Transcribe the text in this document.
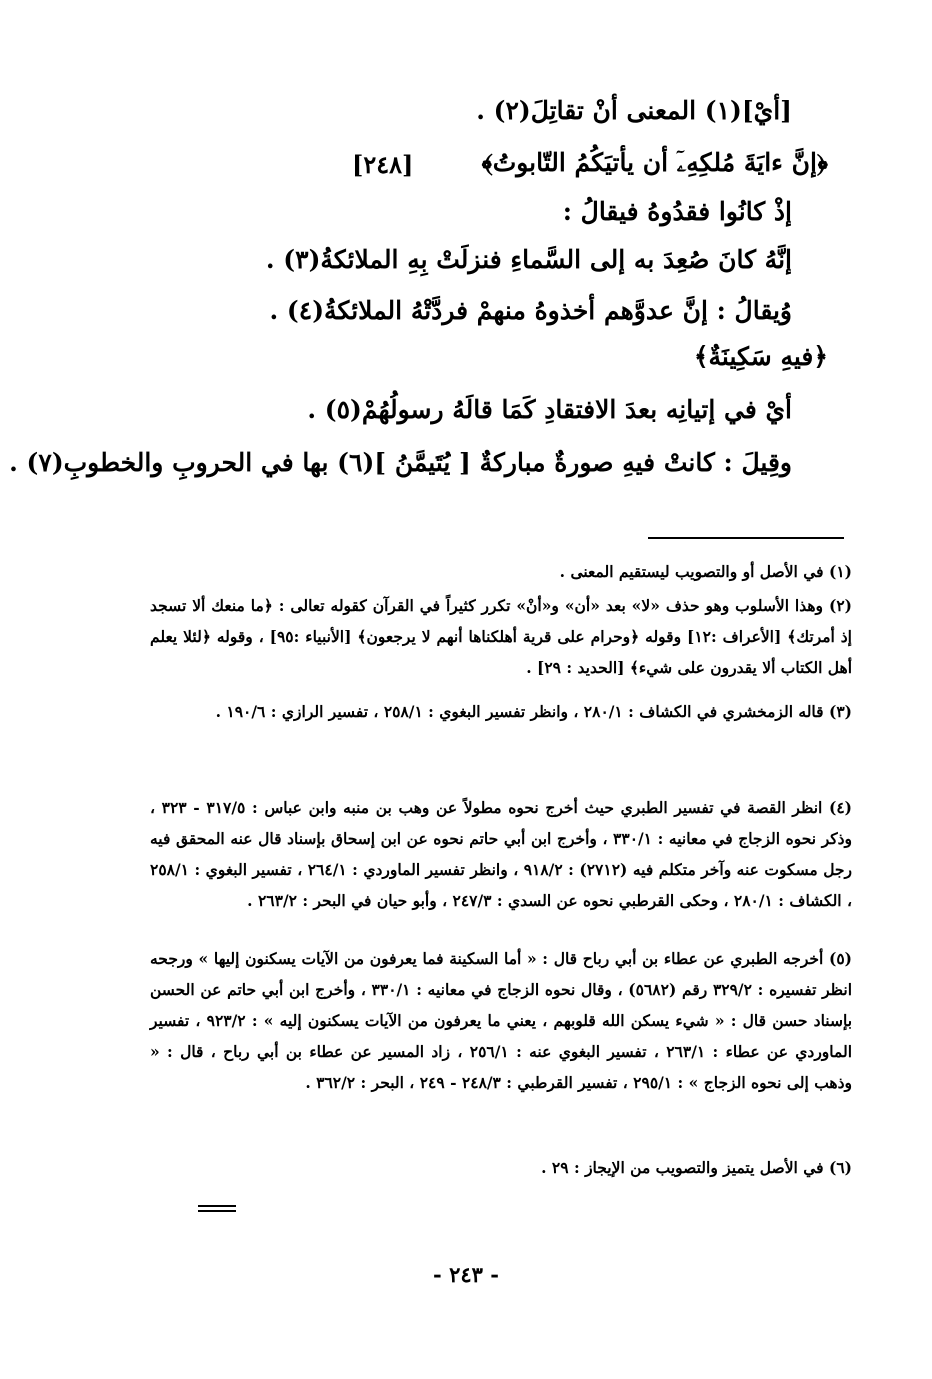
[أيْ](١) المعنى أنْ تقاتِلَ(٢) .
﴿إنَّ ءايَةَ مُلكِهِۦٓ أن يأتيَكُمُ التّابوتُ﴾
[٢٤٨]
إذْ كانُوا فقدُوهُ فيقالُ :
إنَّهُ كانَ صُعِدَ به إلى السَّماءِ فنزلَتْ بِهِ الملائكةُ(٣) .
وُيقالُ : إنَّ عدوَّهم أخذوهُ منهمْ فردَّتْهُ الملائكةُ(٤) .
﴿فيهِ سَكِينَةٌ﴾
أيْ في إتيانِه بعدَ الافتقادِ كَمَا قالَهُ رسولُهُمْ(٥) .
وقِيلَ : كانتْ فيهِ صورةٌ مباركةٌ [ يُتَيمَّنُ ](٦) بها في الحروبِ والخطوبِ(٧) .
(١) في الأصل أو والتصويب ليستقيم المعنى .
(٢) وهذا الأسلوب وهو حذف «لا» بعد «أن» و«أنْ» تكرر كثيراً في القرآن كقوله تعالى : ﴿ما منعك ألا تسجد إذ أمرتك﴾ [الأعراف :١٢] وقوله ﴿وحرام على قرية أهلكناها أنهم لا يرجعون﴾ [الأنبياء :٩٥] ، وقوله ﴿لئلا يعلم أهل الكتاب ألا يقدرون على شيء﴾ [الحديد : ٢٩] .
(٣) قاله الزمخشري في الكشاف : ٢٨٠/١ ، وانظر تفسير البغوي : ٢٥٨/١ ، تفسير الرازي : ١٩٠/٦ .
(٤) انظر القصة في تفسير الطبري حيث أخرج نحوه مطولاً عن وهب بن منبه وابن عباس : ٣١٧/٥ - ٣٢٣ ، وذكر نحوه الزجاج في معانيه : ٣٣٠/١ ، وأخرج ابن أبي حاتم نحوه عن ابن إسحاق بإسناد قال عنه المحقق فيه رجل مسكوت عنه وآخر متكلم فيه (٢٧١٢) : ٩١٨/٢ ، وانظر تفسير الماوردي : ٢٦٤/١ ، تفسير البغوي : ٢٥٨/١ ، الكشاف : ٢٨٠/١ ، وحكى القرطبي نحوه عن السدي : ٢٤٧/٣ ، وأبو حيان في البحر : ٢٦٣/٢ .
(٥) أخرجه الطبري عن عطاء بن أبي رباح قال : « أما السكينة فما يعرفون من الآيات يسكنون إليها » ورجحه انظر تفسيره : ٣٢٩/٢ رقم (٥٦٨٢) ، وقال نحوه الزجاج في معانيه : ٣٣٠/١ ، وأخرج ابن أبي حاتم عن الحسن بإسناد حسن قال : « شيء يسكن الله قلوبهم ، يعني ما يعرفون من الآيات يسكنون إليه » : ٩٢٣/٢ ، تفسير الماوردي عن عطاء : ٢٦٣/١ ، تفسير البغوي عنه : ٢٥٦/١ ، زاد المسير عن عطاء بن أبي رباح ، قال : « وذهب إلى نحوه الزجاج » : ٢٩٥/١ ، تفسير القرطبي : ٢٤٨/٣ - ٢٤٩ ، البحر : ٣٦٢/٢ .
(٦) في الأصل يتميز والتصويب من الإيجاز : ٢٩ .
- ٢٤٣ -
